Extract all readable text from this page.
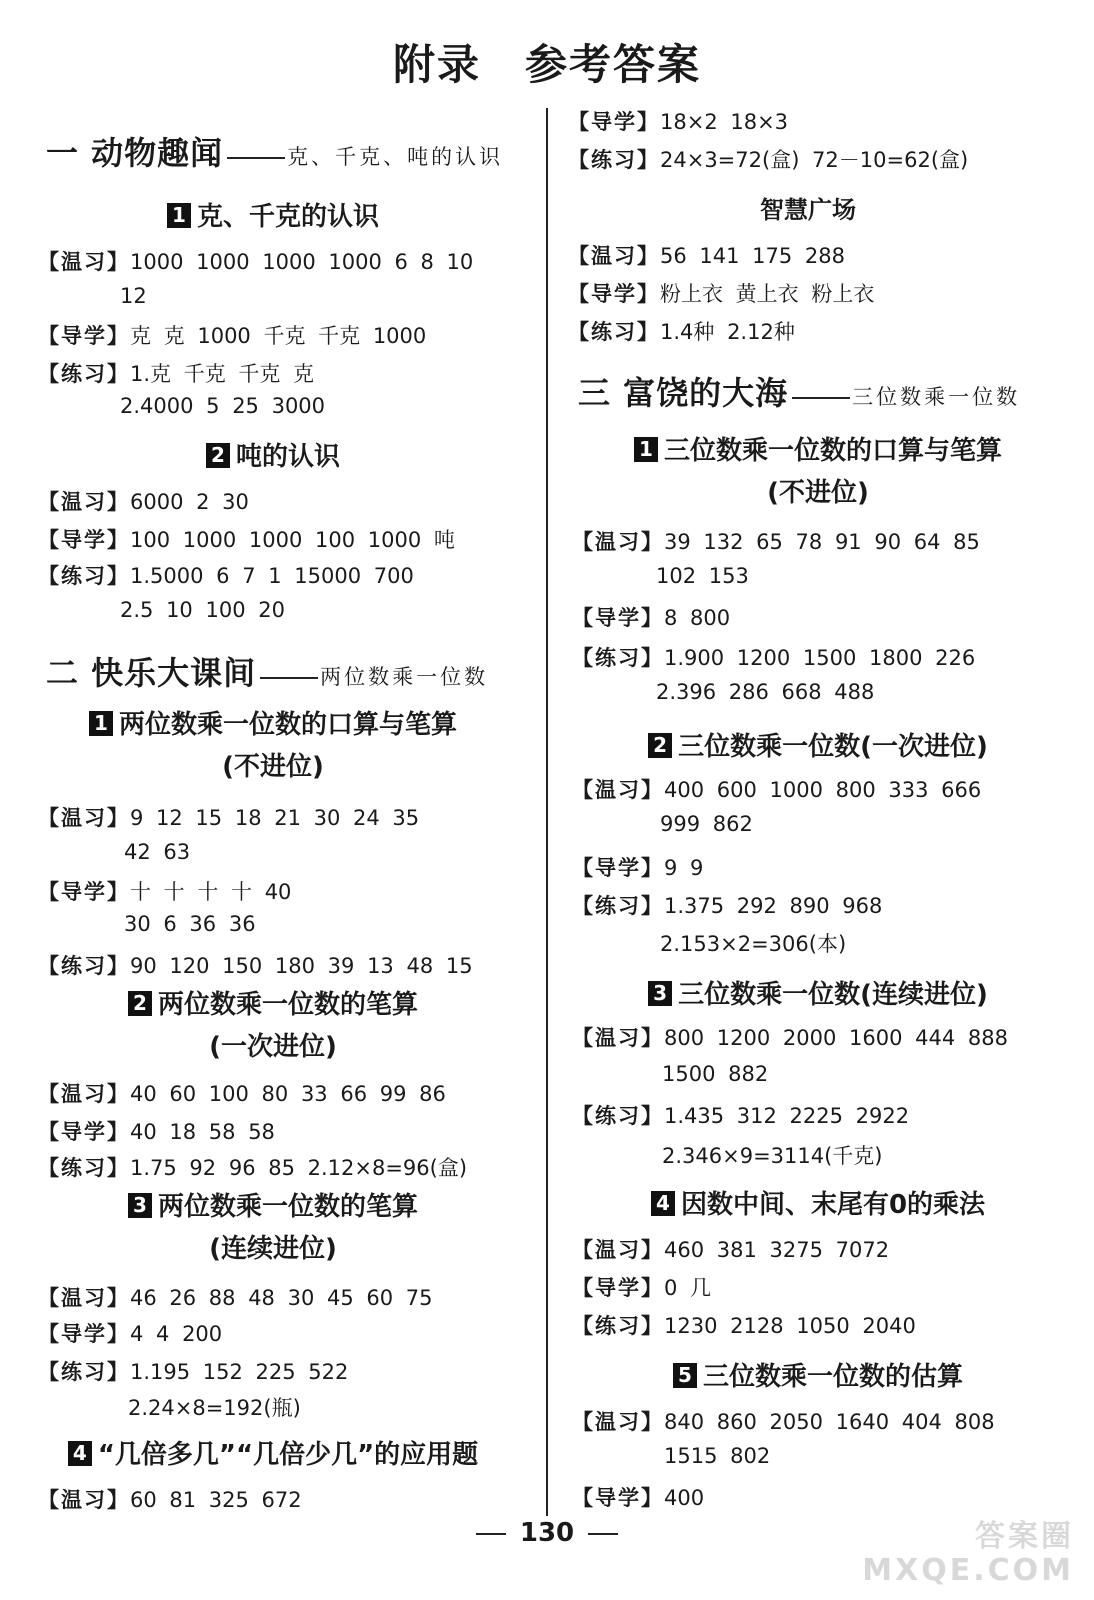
附录 参考答案
一 动物趣闻	克、千克、吨的认识
1 克、千克的认识
【温习】1000 1000 1000 1000 6 8 10
12
【导学】克 克 1000 千克 千克 1000
【练习】1.克 千克 千克 克
2.4000 5 25 3000
2 吨的认识
【温习】6000 2 30
【导学】100 1000 1000 100 1000 吨
【练习】1.5000 6 7 1 15000 700
2.5 10 100 20
二 快乐大课间	两位数乘一位数
1 两位数乘一位数的口算与笔算
(不进位)
【温习】9 12 15 18 21 30 24 35
42 63
【导学】十 十 十 十 40
30 6 36 36
【练习】90 120 150 180 39 13 48 15
2 两位数乘一位数的笔算
(一次进位)
【温习】40 60 100 80 33 66 99 86
【导学】40 18 58 58
【练习】1.75 92 96 85 2.12×8=96(盒)
3 两位数乘一位数的笔算
(连续进位)
【温习】46 26 88 48 30 45 60 75
【导学】4 4 200
【练习】1.195 152 225 522
2.24×8=192(瓶)
4 “几倍多几”“几倍少几”的应用题
【温习】60 81 325 672
【导学】18×2 18×3
【练习】24×3=72(盒) 72－10=62(盒)
智慧广场
【温习】56 141 175 288
【导学】粉上衣 黄上衣 粉上衣
【练习】1.4种 2.12种
三 富饶的大海	三位数乘一位数
1 三位数乘一位数的口算与笔算
(不进位)
【温习】39 132 65 78 91 90 64 85
102 153
【导学】8 800
【练习】1.900 1200 1500 1800 226
2.396 286 668 488
2 三位数乘一位数(一次进位)
【温习】400 600 1000 800 333 666
999 862
【导学】9 9
【练习】1.375 292 890 968
2.153×2=306(本)
3 三位数乘一位数(连续进位)
【温习】800 1200 2000 1600 444 888
1500 882
【练习】1.435 312 2225 2922
2.346×9=3114(千克)
4 因数中间、末尾有0的乘法
【温习】460 381 3275 7072
【导学】0 几
【练习】1230 2128 1050 2040
5 三位数乘一位数的估算
【温习】840 860 2050 1640 404 808
1515 802
【导学】400
130	答案圈
MXQE.COM
